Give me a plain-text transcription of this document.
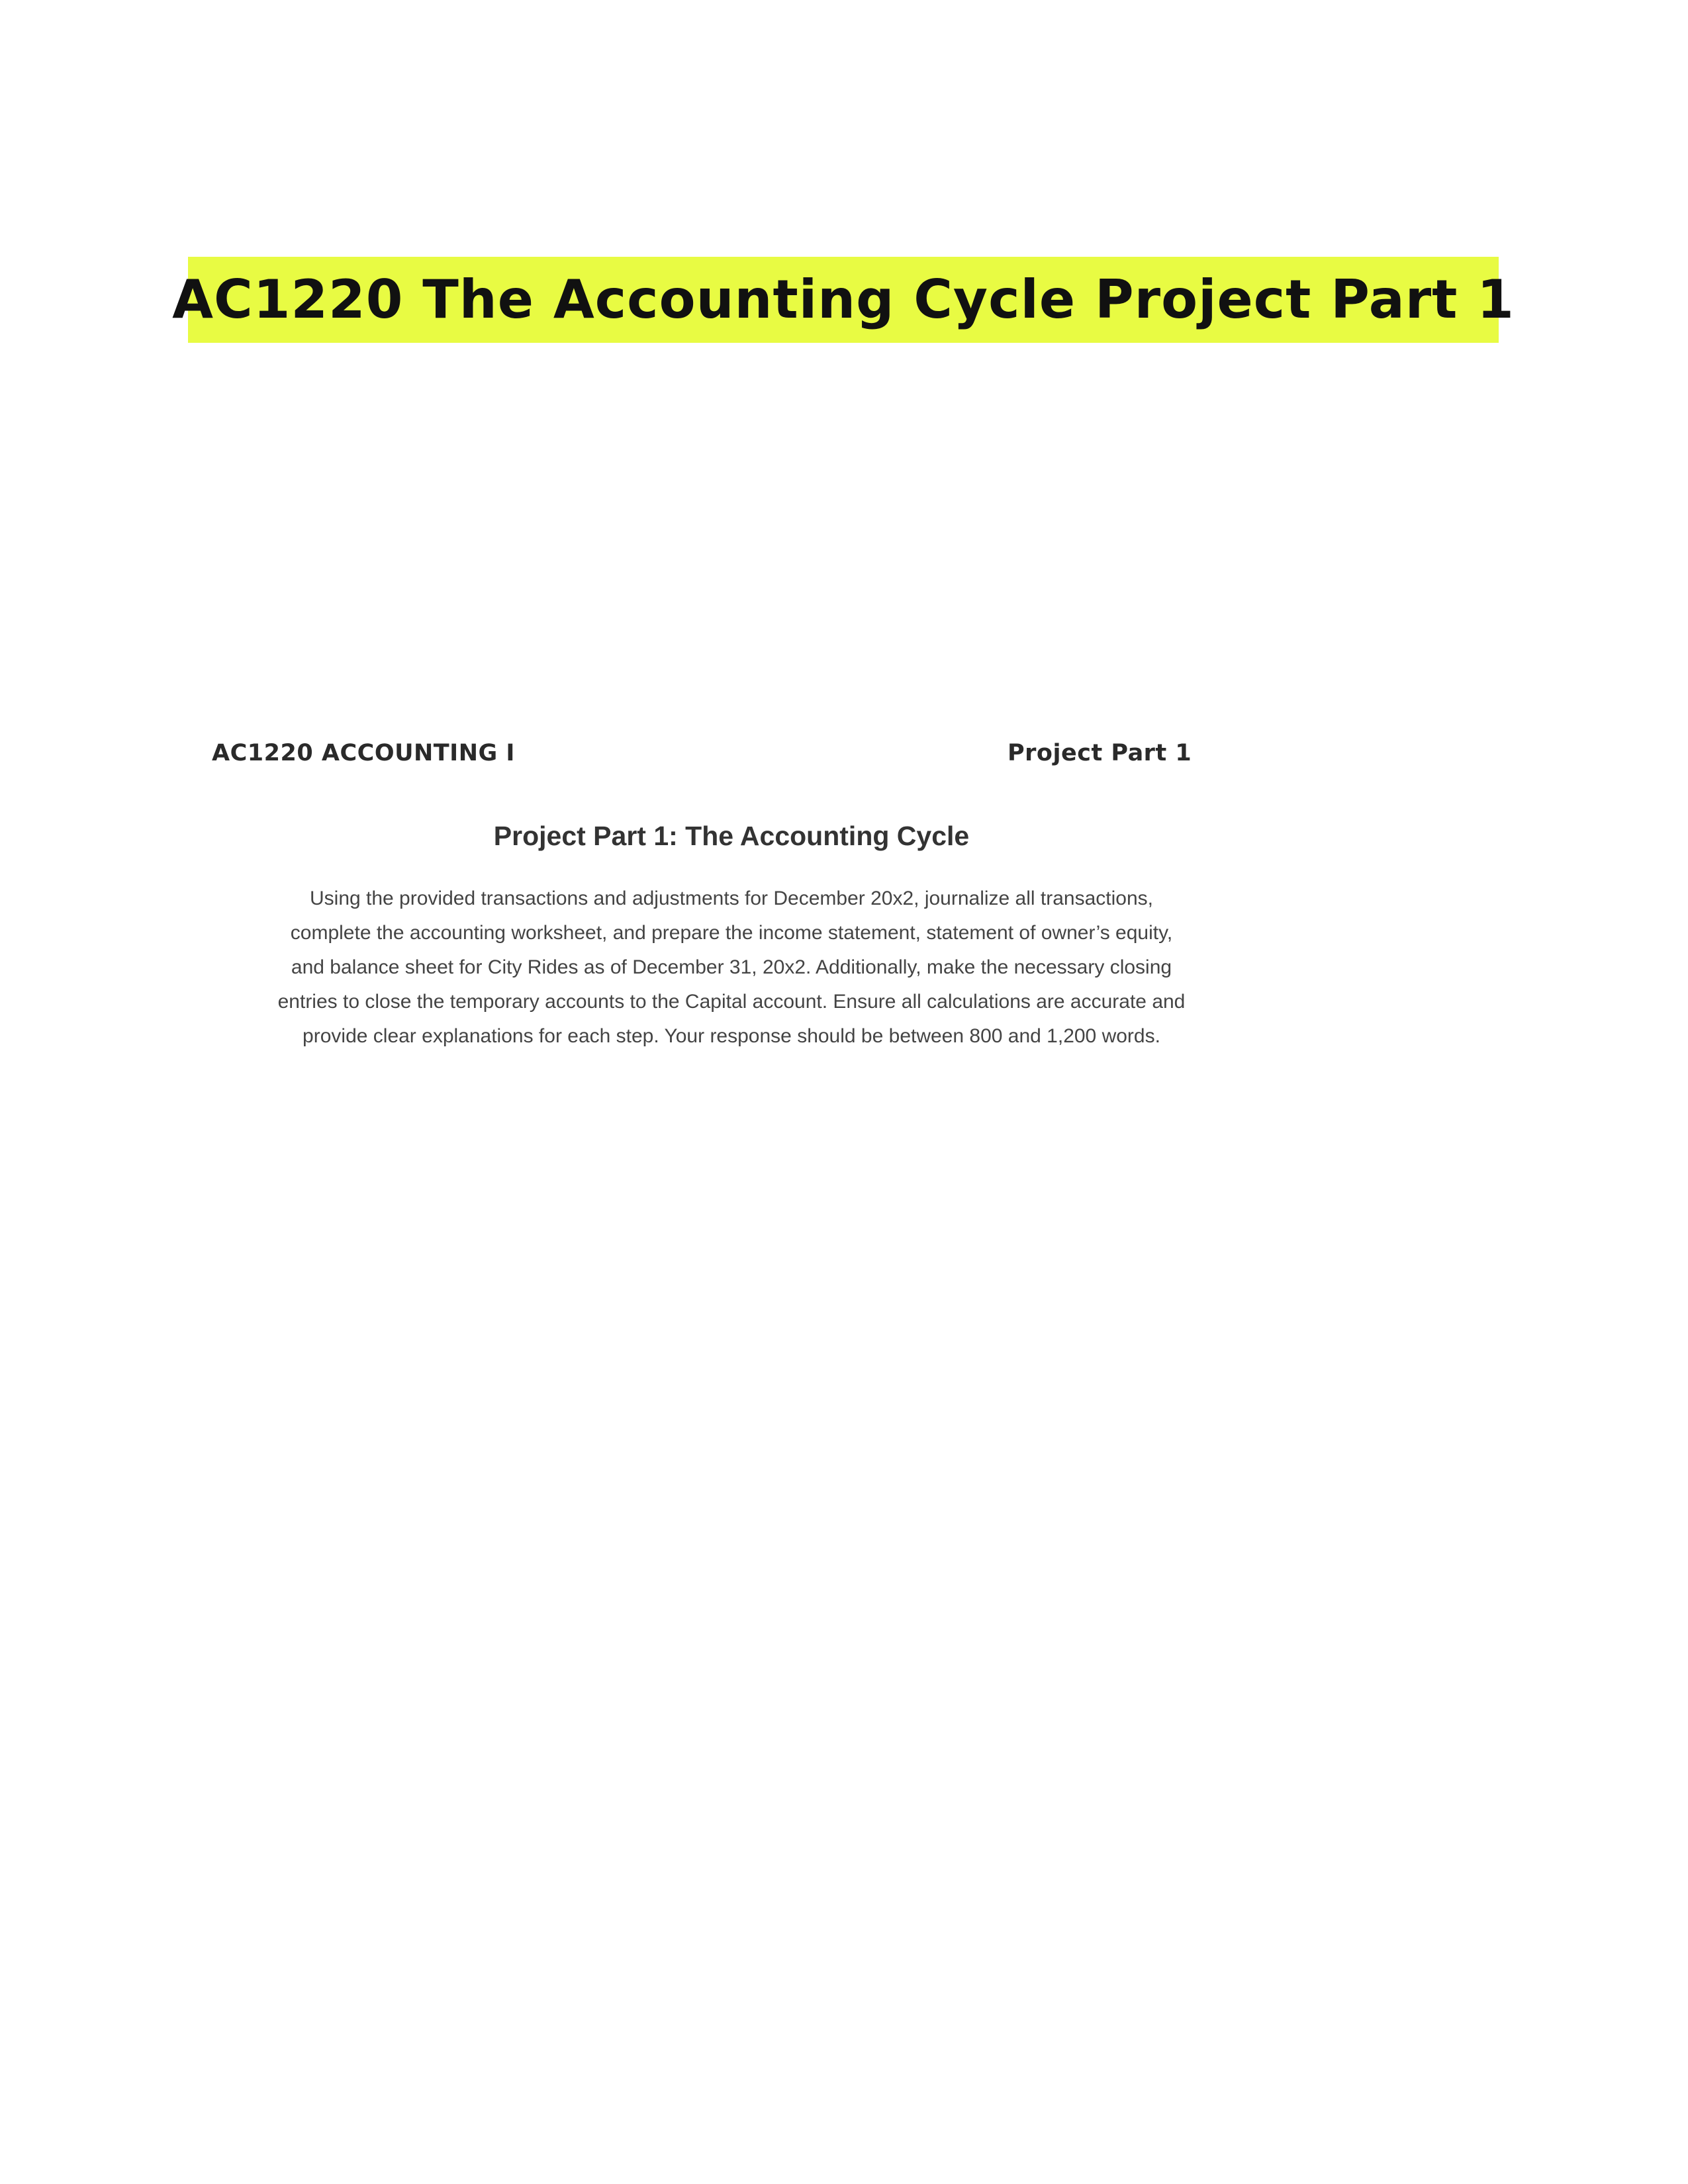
AC1220 The Accounting Cycle Project Part 1
AC1220 ACCOUNTING I	Project Part 1
Project Part 1: The Accounting Cycle
Using the provided transactions and adjustments for December 20x2, journalize all transactions,
complete the accounting worksheet, and prepare the income statement, statement of owner’s equity,
and balance sheet for City Rides as of December 31, 20x2. Additionally, make the necessary closing
entries to close the temporary accounts to the Capital account. Ensure all calculations are accurate and
provide clear explanations for each step. Your response should be between 800 and 1,200 words.
